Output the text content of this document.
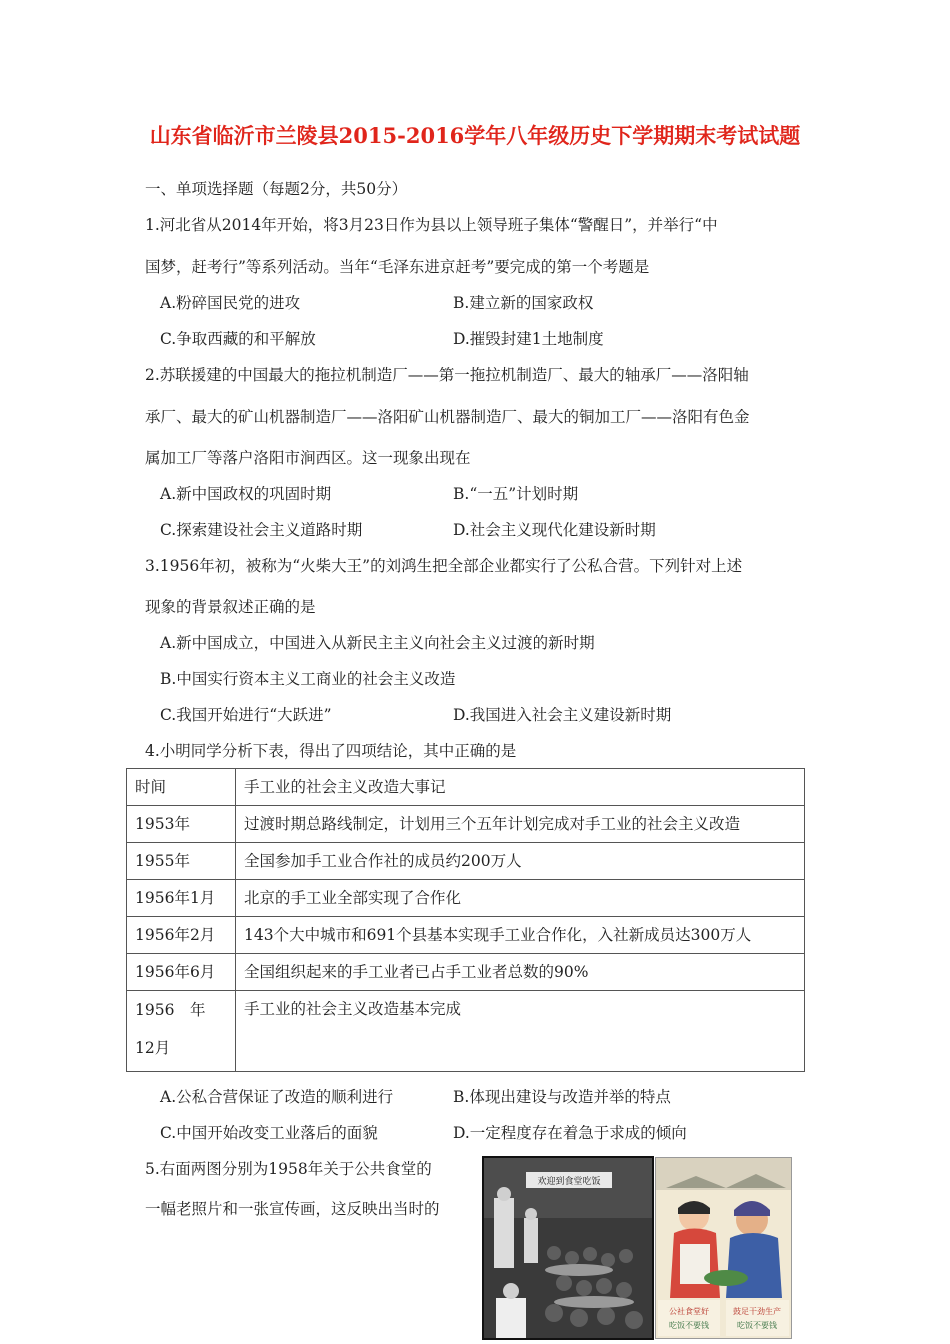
山东省临沂市兰陵县2015-2016学年八年级历史下学期期末考试试题
一、单项选择题（每题2分，共50分）
1.河北省从2014年开始，将3月23日作为县以上领导班子集体“警醒日”，并举行“中
国梦，赶考行”等系列活动。当年“毛泽东进京赶考”要完成的第一个考题是
A.粉碎国民党的进攻	B.建立新的国家政权
C.争取西藏的和平解放	D.摧毁封建1土地制度
2.苏联援建的中国最大的拖拉机制造厂——第一拖拉机制造厂、最大的轴承厂——洛阳轴
承厂、最大的矿山机器制造厂——洛阳矿山机器制造厂、最大的铜加工厂——洛阳有色金
属加工厂等落户洛阳市涧西区。这一现象出现在
A.新中国政权的巩固时期	B.“一五”计划时期
C.探索建设社会主义道路时期	D.社会主义现代化建设新时期
3.1956年初，被称为“火柴大王”的刘鸿生把全部企业都实行了公私合营。下列针对上述
现象的背景叙述正确的是
A.新中国成立，中国进入从新民主主义向社会主义过渡的新时期
B.中国实行资本主义工商业的社会主义改造
C.我国开始进行“大跃进”	D.我国进入社会主义建设新时期
4.小明同学分析下表，得出了四项结论，其中正确的是
时间	手工业的社会主义改造大事记
1953年	过渡时期总路线制定，计划用三个五年计划完成对手工业的社会主义改造
1955年	全国参加手工业合作社的成员约200万人
1956年1月	北京的手工业全部实现了合作化
1956年2月	143个大中城市和691个县基本实现手工业合作化，入社新成员达300万人
1956年6月	全国组织起来的手工业者已占手工业者总数的90%
1956　年　12月	手工业的社会主义改造基本完成
A.公私合营保证了改造的顺利进行	B.体现出建设与改造并举的特点
C.中国开始改变工业落后的面貌	D.一定程度存在着急于求成的倾向
5.右面两图分别为1958年关于公共食堂的
一幅老照片和一张宣传画，这反映出当时的
欢迎到食堂吃饭
公社食堂好
吃饭不要钱
鼓足干劲生产
吃饭不要钱
